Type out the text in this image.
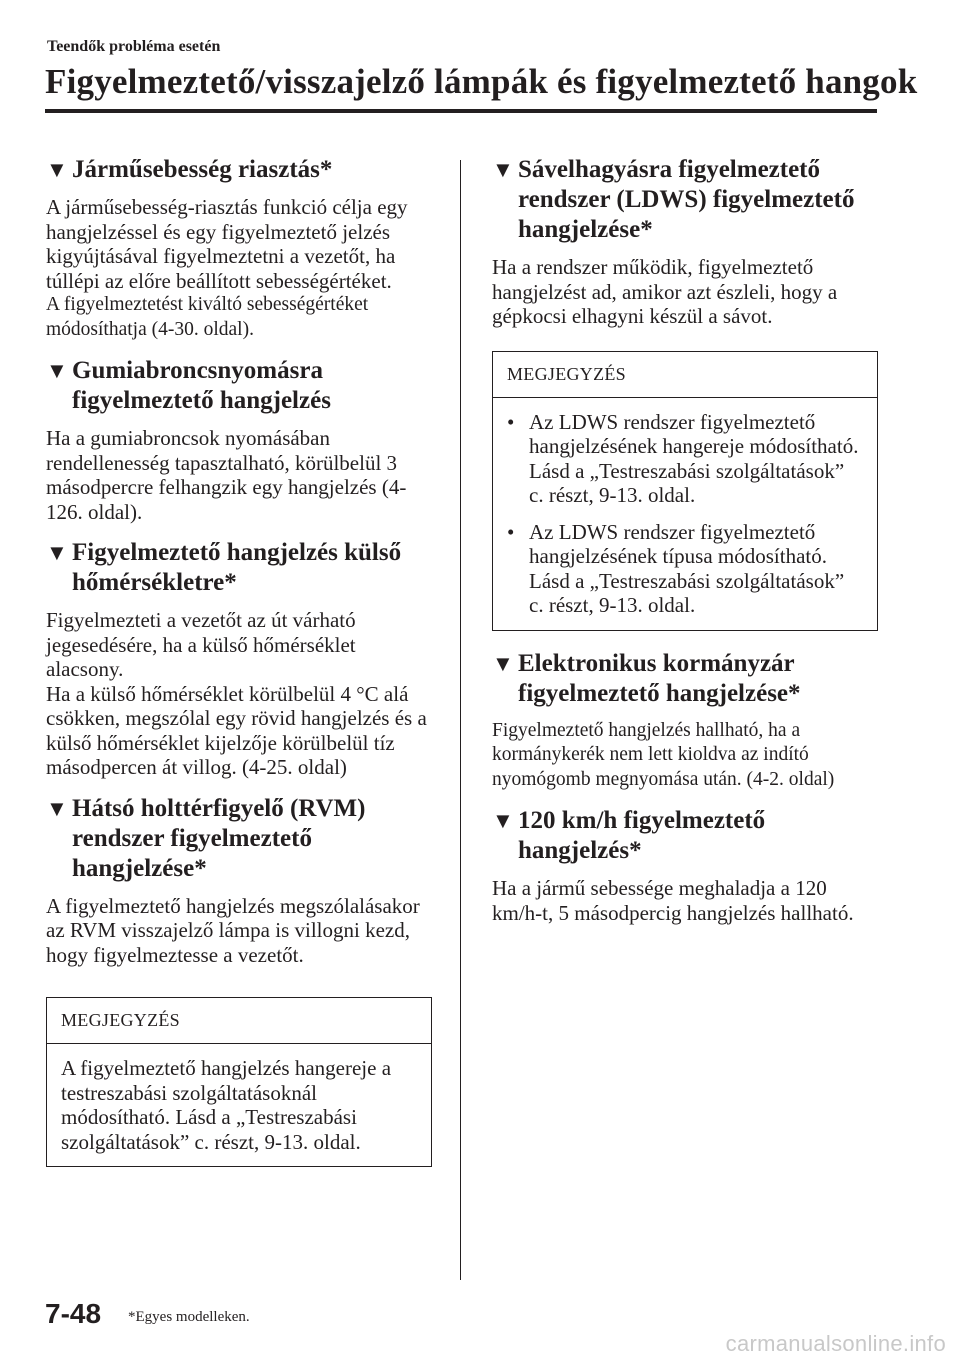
Teendők probléma esetén
Figyelmeztető/visszajelző lámpák és figyelmeztető hangok
▼ Járműsebesség riasztás*

A járműsebesség-riasztás funkció célja egy hangjelzéssel és egy figyelmeztető jelzés kigyújtásával figyelmeztetni a vezetőt, ha túllépi az előre beállított sebességértéket.

A figyelmeztetést kiváltó sebességértéket módosíthatja (4-30. oldal).

▼ Gumiabroncsnyomásra figyelmeztető hangjelzés

Ha a gumiabroncsok nyomásában rendellenesség tapasztalható, körülbelül 3 másodpercre felhangzik egy hangjelzés (4-126. oldal).

▼ Figyelmeztető hangjelzés külső hőmérsékletre*

Figyelmezteti a vezetőt az út várható jegesedésére, ha a külső hőmérséklet alacsony.

Ha a külső hőmérséklet körülbelül 4 °C alá csökken, megszólal egy rövid hangjelzés és a külső hőmérséklet kijelzője körülbelül tíz másodpercen át villog. (4-25. oldal)

▼ Hátsó holttérfigyelő (RVM) rendszer figyelmeztető hangjelzése*

A figyelmeztető hangjelzés megszólalásakor az RVM visszajelző lámpa is villogni kezd, hogy figyelmeztesse a vezetőt.

MEGJEGYZÉS
A figyelmeztető hangjelzés hangereje a testreszabási szolgáltatásoknál módosítható. Lásd a „Testreszabási szolgáltatások” c. részt, 9-13. oldal.
▼ Sávelhagyásra figyelmeztető rendszer (LDWS) figyelmeztető hangjelzése*

Ha a rendszer működik, figyelmeztető hangjelzést ad, amikor azt észleli, hogy a gépkocsi elhagyni készül a sávot.

MEGJEGYZÉS
• Az LDWS rendszer figyelmeztető hangjelzésének hangereje módosítható. Lásd a „Testreszabási szolgáltatások” c. részt, 9-13. oldal.
• Az LDWS rendszer figyelmeztető hangjelzésének típusa módosítható. Lásd a „Testreszabási szolgáltatások” c. részt, 9-13. oldal.
▼ Elektronikus kormányzár figyelmeztető hangjelzése*

Figyelmeztető hangjelzés hallható, ha a kormánykerék nem lett kioldva az indító nyomógomb megnyomása után. (4-2. oldal)

▼ 120 km/h figyelmeztető hangjelzés*

Ha a jármű sebessége meghaladja a 120 km/h-t, 5 másodpercig hangjelzés hallható.

7-48 *Egyes modelleken.
carmanualsonline.info
